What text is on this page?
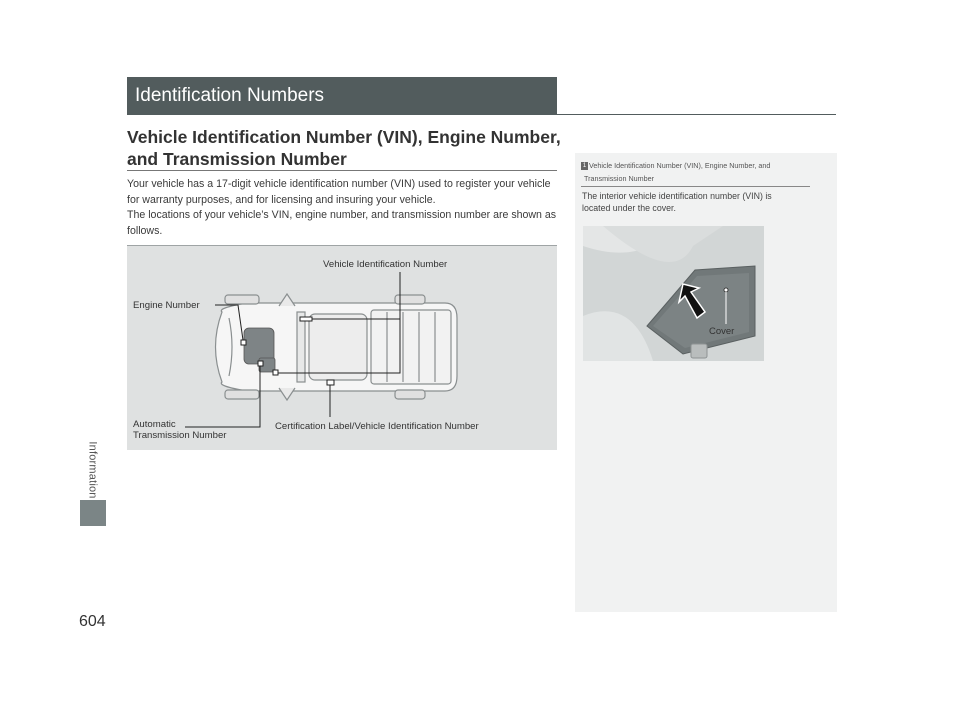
Information
604
Identification Numbers
Vehicle Identification Number (VIN), Engine Number,
and Transmission Number

Your vehicle has a 17-digit vehicle identification number (VIN) used to register your vehicle for warranty purposes, and for licensing and insuring your vehicle.

The locations of your vehicle’s VIN, engine number, and transmission number are shown as follows.

Vehicle Identification Number
Engine Number
Automatic
Transmission Number
Certification Label/Vehicle Identification Number
1 Vehicle Identification Number (VIN), Engine Number, and
Transmission Number
The interior vehicle identification number (VIN) is
located under the cover.
Cover
